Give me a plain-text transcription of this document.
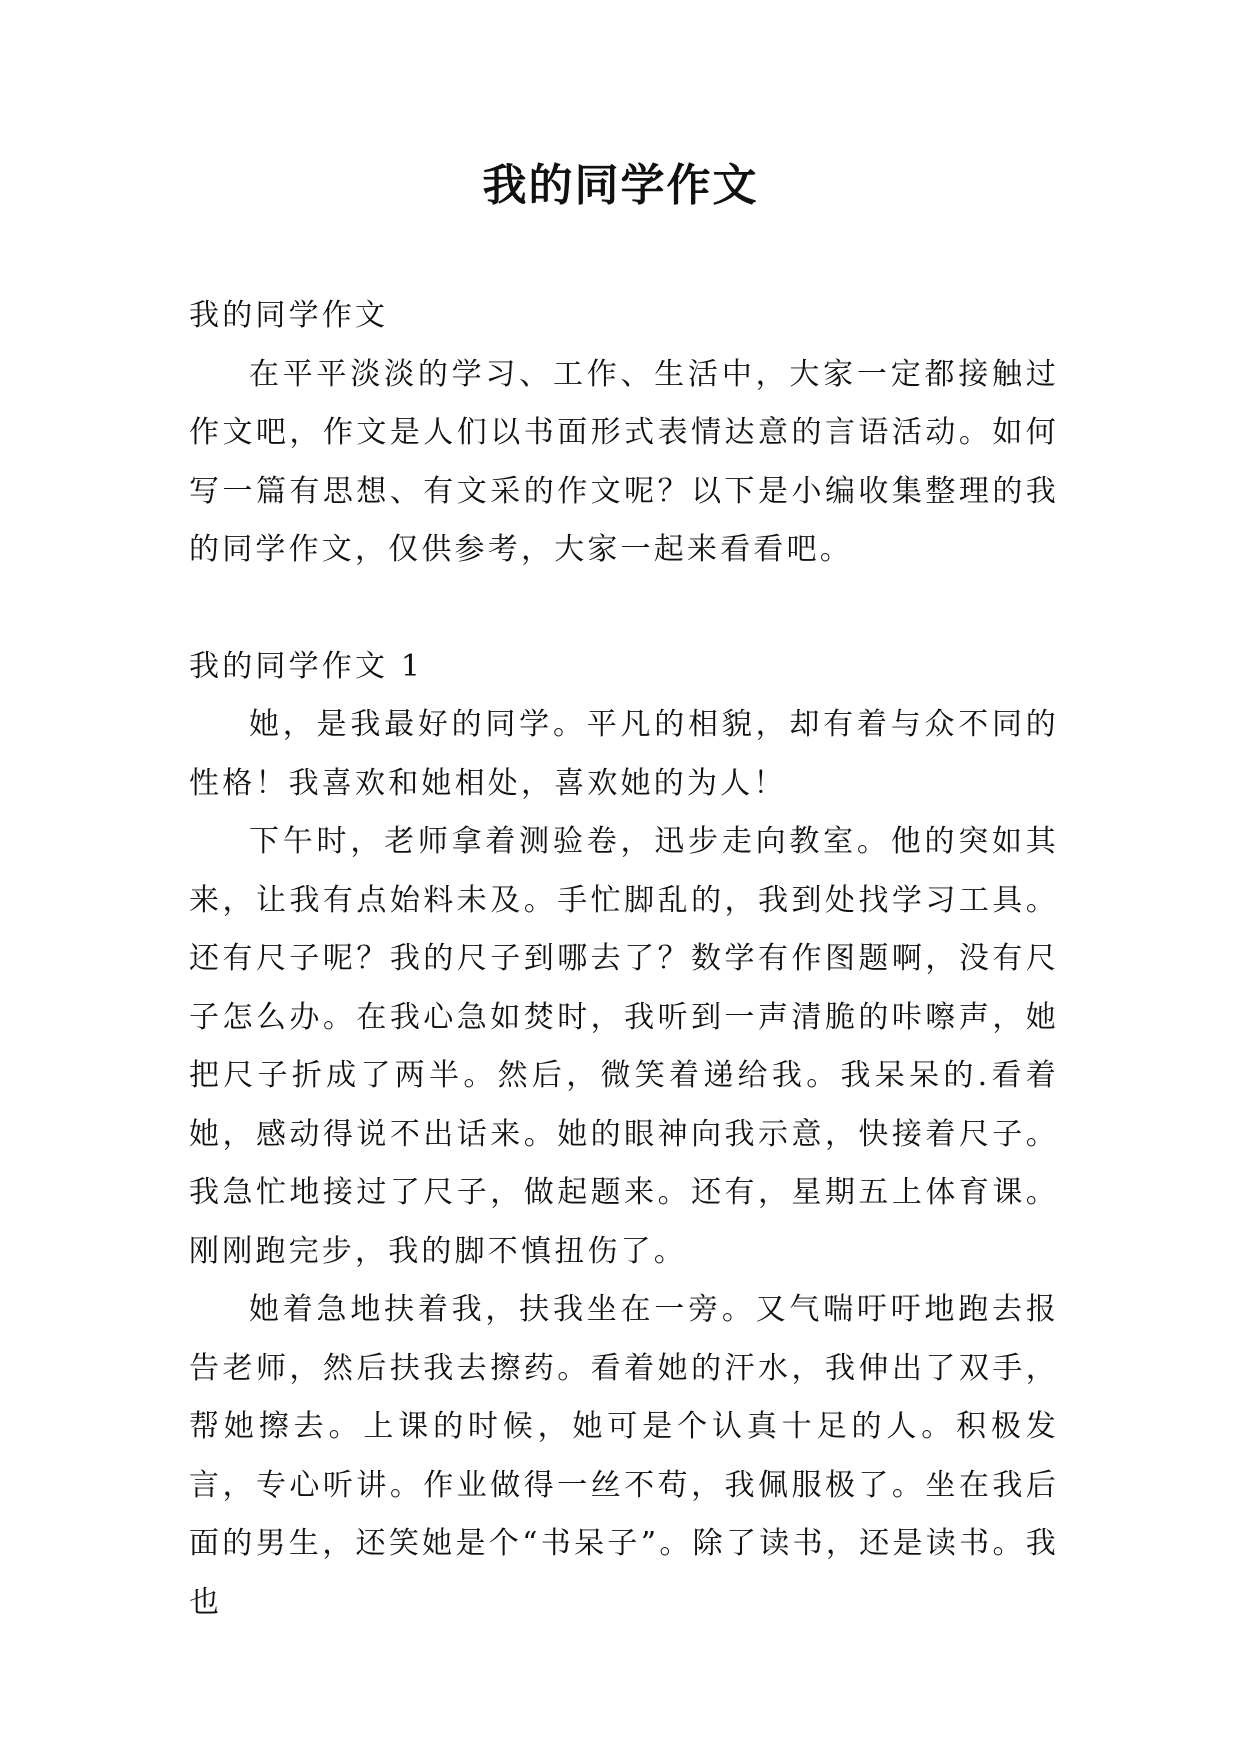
我的同学作文

我的同学作文

在平平淡淡的学习、工作、生活中，大家一定都接触过作文吧，作文是人们以书面形式表情达意的言语活动。如何写一篇有思想、有文采的作文呢？以下是小编收集整理的我的同学作文，仅供参考，大家一起来看看吧。

我的同学作文 1

她，是我最好的同学。平凡的相貌，却有着与众不同的性格！我喜欢和她相处，喜欢她的为人！

下午时，老师拿着测验卷，迅步走向教室。他的突如其来，让我有点始料未及。手忙脚乱的，我到处找学习工具。还有尺子呢？我的尺子到哪去了？数学有作图题啊，没有尺子怎么办。在我心急如焚时，我听到一声清脆的咔嚓声，她把尺子折成了两半。然后，微笑着递给我。我呆呆的.看着她，感动得说不出话来。她的眼神向我示意，快接着尺子。我急忙地接过了尺子，做起题来。还有，星期五上体育课。刚刚跑完步，我的脚不慎扭伤了。

她着急地扶着我，扶我坐在一旁。又气喘吁吁地跑去报告老师，然后扶我去擦药。看着她的汗水，我伸出了双手，帮她擦去。上课的时候，她可是个认真十足的人。积极发言，专心听讲。作业做得一丝不苟，我佩服极了。坐在我后面的男生，还笑她是个“书呆子”。除了读书，还是读书。我也
